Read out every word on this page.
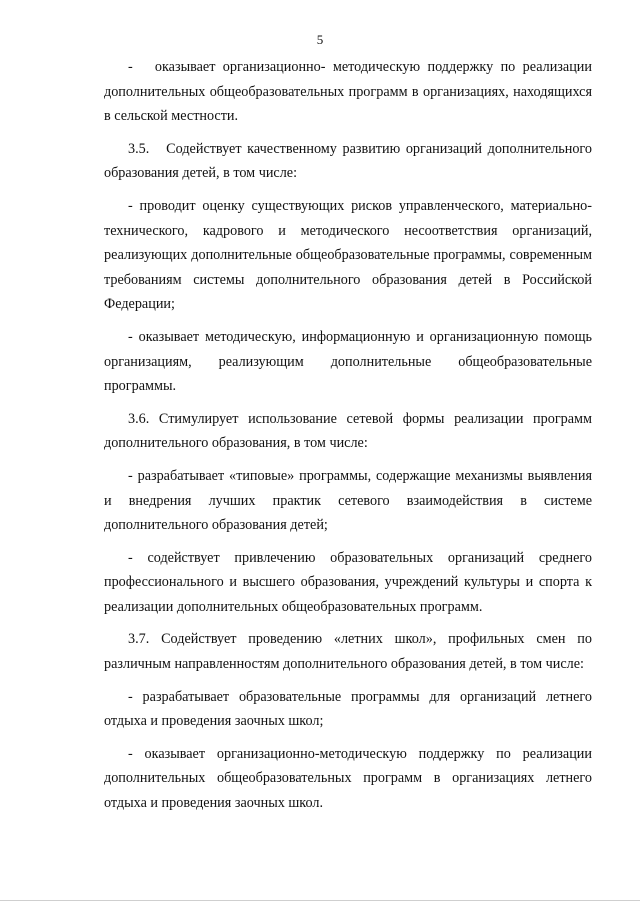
5

-   оказывает организационно- методическую поддержку по реализации дополнительных общеобразовательных программ в организациях, находящихся в сельской местности.

3.5.   Содействует качественному развитию организаций дополнительного образования детей, в том числе:

- проводит оценку существующих рисков управленческого, материально-технического, кадрового и методического несоответствия организаций, реализующих дополнительные общеобразовательные программы, современным требованиям системы дополнительного образования детей в Российской Федерации;

- оказывает методическую, информационную и организационную помощь организациям, реализующим дополнительные общеобразовательные программы.

3.6. Стимулирует использование сетевой формы реализации программ дополнительного образования, в том числе:

- разрабатывает «типовые» программы, содержащие механизмы выявления и внедрения лучших практик сетевого взаимодействия в системе дополнительного образования детей;

- содействует привлечению образовательных организаций среднего профессионального и высшего образования, учреждений культуры и спорта к реализации дополнительных общеобразовательных программ.

3.7. Содействует проведению «летних школ», профильных смен по различным направленностям дополнительного образования детей, в том числе:

- разрабатывает образовательные программы для организаций летнего отдыха и проведения заочных школ;

- оказывает организационно-методическую поддержку по реализации дополнительных общеобразовательных программ в организациях летнего отдыха и проведения заочных школ.
